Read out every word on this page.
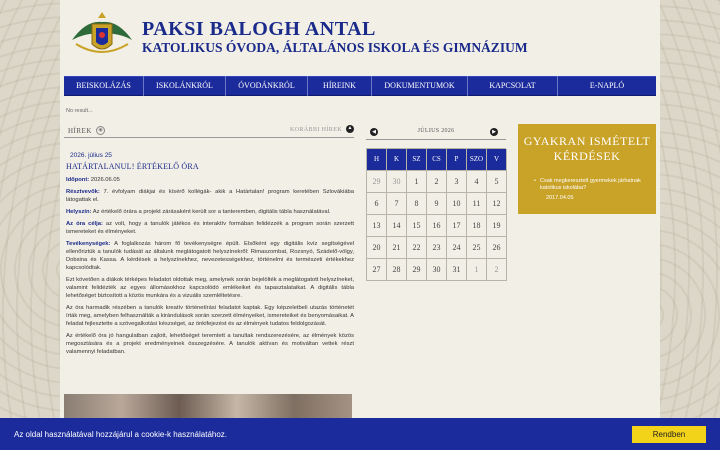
PAKSI BALOGH ANTAL
KATOLIKUS ÓVODA, ÁLTALÁNOS ISKOLA ÉS GIMNÁZIUM
BEISKOLÁZÁS	ISKOLÁNKRÓL	ÓVODÁNKRÓL	HÍREINK	DOKUMENTUMOK	KAPCSOLAT	E-NAPLÓ
No result...
HÍREK	◉	KORÁBBI HÍREK	▲
2026. július 25
HATÁRTALANUL! ÉRTÉKELŐ ÓRA

Időpont: 2026.06.05

Résztvevők: 7. évfolyam diákjai és kísérő kollégák- akik a Határtalan! program keretében Szlovákiába látogattak el.

Helyszín: Az értékelő órára a projekt zárásaként került sor a tanteremben, digitális tábla használatával.

Az óra célja: az volt, hogy a tanulók játékos és interaktív formában felidézzék a program során szerzett ismereteket és élményeket.

Tevékenységek: A foglalkozás három fő tevékenységre épült. Elsőként egy digitális kvíz segítségével ellenőriztük a tanulók tudását az általunk meglátogatott helyszínekről: Rimaszombat, Rozsnyó, Szádelő-völgy, Dobsina és Kassa. A kérdések a helyszínekhez, nevezetességekhez, történelmi és természeti értékekhez kapcsolódtak.

Ezt követően a diákok térképes feladatot oldottak meg, amelynek során bejelölték a meglátogatott helyszíneket, valamint felidézték az egyes állomásokhoz kapcsolódó emlékeiket és tapasztalataikat. A digitális tábla lehetőséget biztosított a közös munkára és a vizuális szemléltetésre.

Az óra harmadik részében a tanulók kreatív történetírási feladatot kaptak. Egy képzeletbeli utazás történetét írták meg, amelyben felhasználták a kirándulások során szerzett élményeiket, ismereteiket és benyomásaikat. A feladat fejlesztette a szövegalkotási készséget, az önkifejezést és az élmények tudatos feldolgozását.

Az értékelő óra jó hangulatban zajlott, lehetőséget teremtett a tanultak rendszerezésére, az élmények közös megosztására és a projekt eredményeinek összegzésére. A tanulók aktívan és motiváltan vettek részt valamennyi feladatban.

◀	JÚLIUS 2026	▶
H	K	SZ	CS	P	SZO	V
29	30	1	2	3	4	5
6	7	8	9	10	11	12
13	14	15	16	17	18	19
20	21	22	23	24	25	26
27	28	29	30	31	1	2
GYAKRAN ISMÉTELT KÉRDÉSEK
• Csak megkeresztelt gyermekek járhatnak katolikus iskolába?
2017.04.05
Az oldal használatával hozzájárul a cookie-k használatához.	Rendben
